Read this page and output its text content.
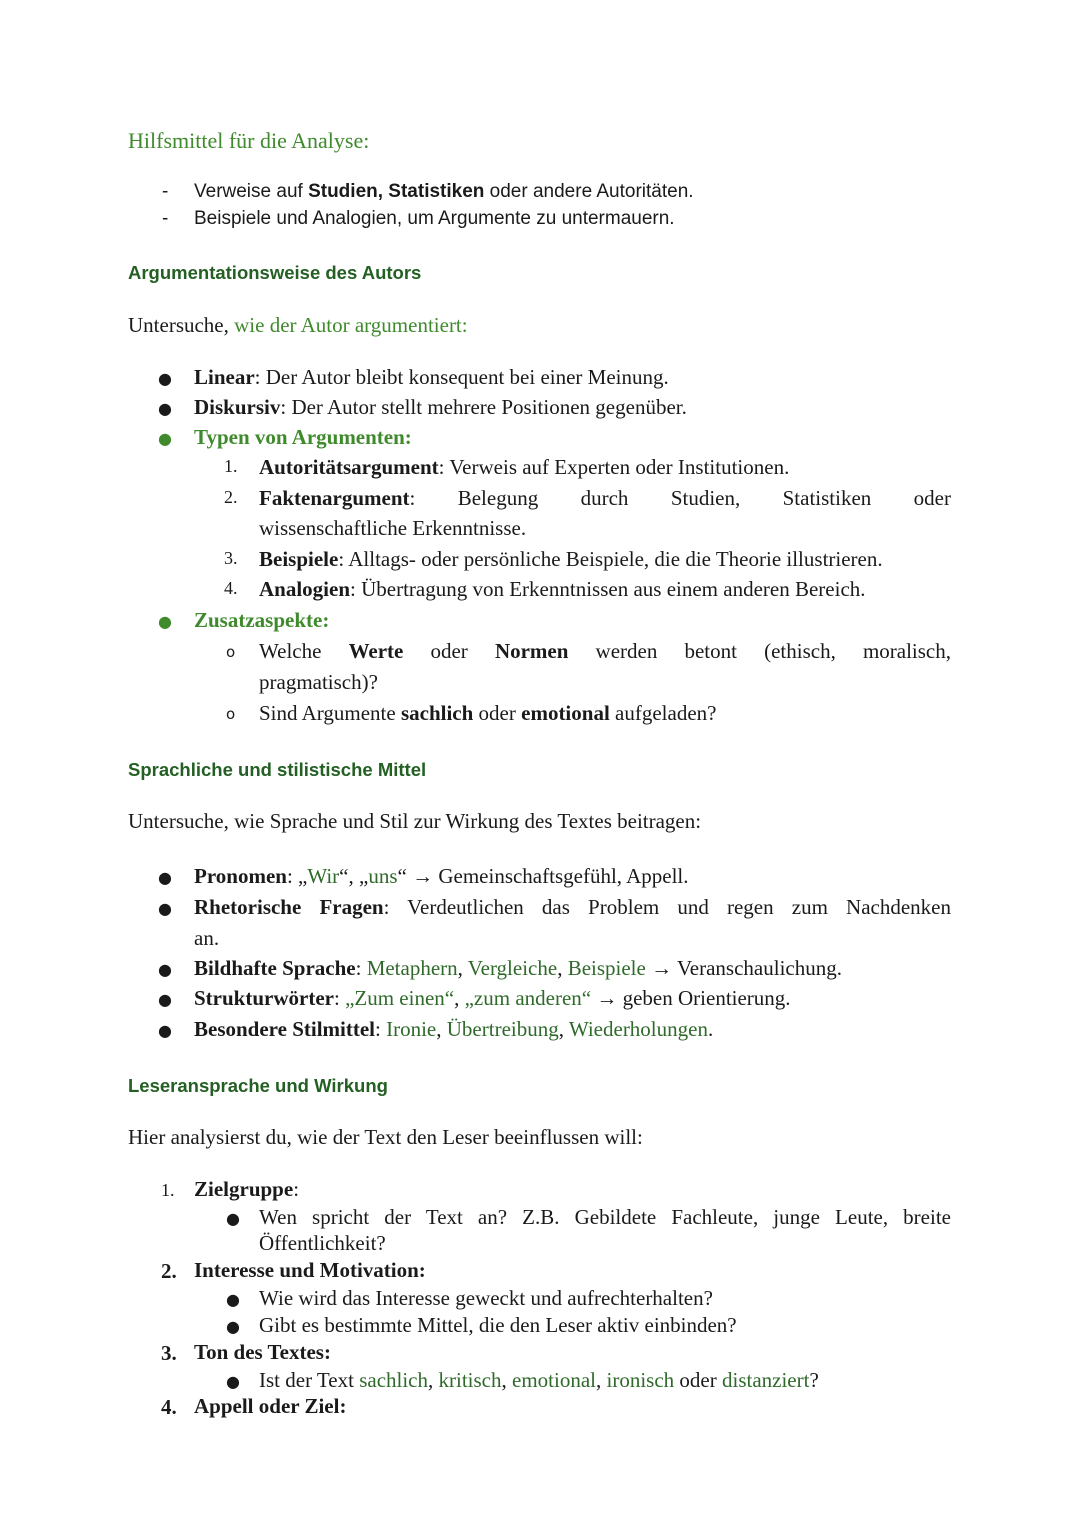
Hilfsmittel für die Analyse:
- Verweise auf Studien, Statistiken oder andere Autoritäten.
- Beispiele und Analogien, um Argumente zu untermauern.
Argumentationsweise des Autors
Untersuche, wie der Autor argumentiert:
● Linear: Der Autor bleibt konsequent bei einer Meinung.
● Diskursiv: Der Autor stellt mehrere Positionen gegenüber.
● Typen von Argumenten:
1. Autoritätsargument: Verweis auf Experten oder Institutionen.
2. Faktenargument: Belegung durch Studien, Statistiken oder
wissenschaftliche Erkenntnisse.
3. Beispiele: Alltags- oder persönliche Beispiele, die die Theorie illustrieren.
4. Analogien: Übertragung von Erkenntnissen aus einem anderen Bereich.
● Zusatzaspekte:
o Welche Werte oder Normen werden betont (ethisch, moralisch,
pragmatisch)?
o Sind Argumente sachlich oder emotional aufgeladen?
Sprachliche und stilistische Mittel
Untersuche, wie Sprache und Stil zur Wirkung des Textes beitragen:
● Pronomen: „Wir“, „uns“ → Gemeinschaftsgefühl, Appell.
● Rhetorische Fragen: Verdeutlichen das Problem und regen zum Nachdenken
an.
● Bildhafte Sprache: Metaphern, Vergleiche, Beispiele → Veranschaulichung.
● Strukturwörter: „Zum einen“, „zum anderen“ → geben Orientierung.
● Besondere Stilmittel: Ironie, Übertreibung, Wiederholungen.
Leseransprache und Wirkung
Hier analysierst du, wie der Text den Leser beeinflussen will:
1. Zielgruppe:
● Wen spricht der Text an? Z.B. Gebildete Fachleute, junge Leute, breite
Öffentlichkeit?
2. Interesse und Motivation:
● Wie wird das Interesse geweckt und aufrechterhalten?
● Gibt es bestimmte Mittel, die den Leser aktiv einbinden?
3. Ton des Textes:
● Ist der Text sachlich, kritisch, emotional, ironisch oder distanziert?
4. Appell oder Ziel:
